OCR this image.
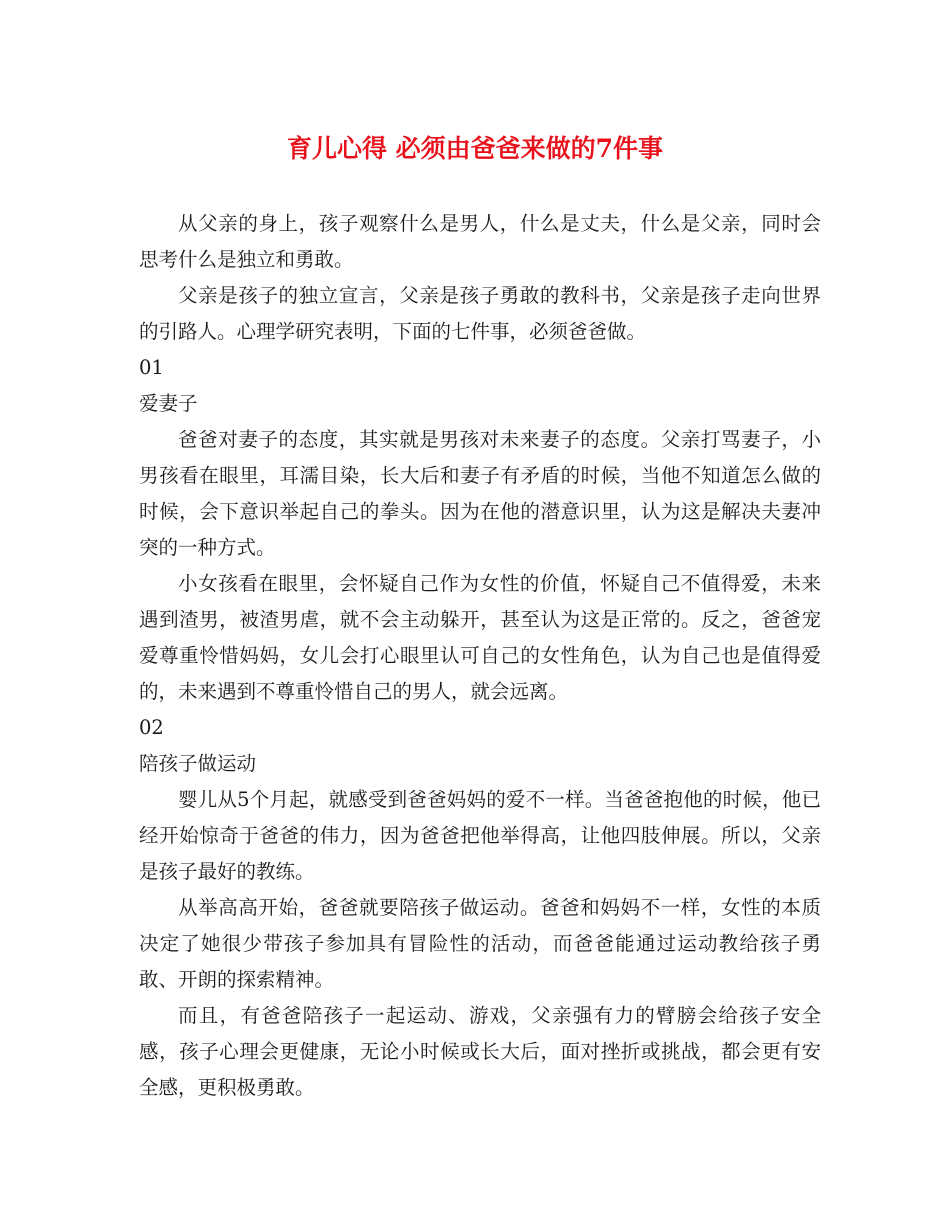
育儿心得 必须由爸爸来做的7件事

从父亲的身上，孩子观察什么是男人，什么是丈夫，什么是父亲，同时会思考什么是独立和勇敢。

父亲是孩子的独立宣言，父亲是孩子勇敢的教科书，父亲是孩子走向世界的引路人。心理学研究表明，下面的七件事，必须爸爸做。

01

爱妻子

爸爸对妻子的态度，其实就是男孩对未来妻子的态度。父亲打骂妻子，小男孩看在眼里，耳濡目染，长大后和妻子有矛盾的时候，当他不知道怎么做的时候，会下意识举起自己的拳头。因为在他的潜意识里，认为这是解决夫妻冲突的一种方式。

小女孩看在眼里，会怀疑自己作为女性的价值，怀疑自己不值得爱，未来遇到渣男，被渣男虐，就不会主动躲开，甚至认为这是正常的。反之，爸爸宠爱尊重怜惜妈妈，女儿会打心眼里认可自己的女性角色，认为自己也是值得爱的，未来遇到不尊重怜惜自己的男人，就会远离。

02

陪孩子做运动

婴儿从5个月起，就感受到爸爸妈妈的爱不一样。当爸爸抱他的时候，他已经开始惊奇于爸爸的伟力，因为爸爸把他举得高，让他四肢伸展。所以，父亲是孩子最好的教练。

从举高高开始，爸爸就要陪孩子做运动。爸爸和妈妈不一样，女性的本质决定了她很少带孩子参加具有冒险性的活动，而爸爸能通过运动教给孩子勇敢、开朗的探索精神。

而且，有爸爸陪孩子一起运动、游戏，父亲强有力的臂膀会给孩子安全感，孩子心理会更健康，无论小时候或长大后，面对挫折或挑战，都会更有安全感，更积极勇敢。
